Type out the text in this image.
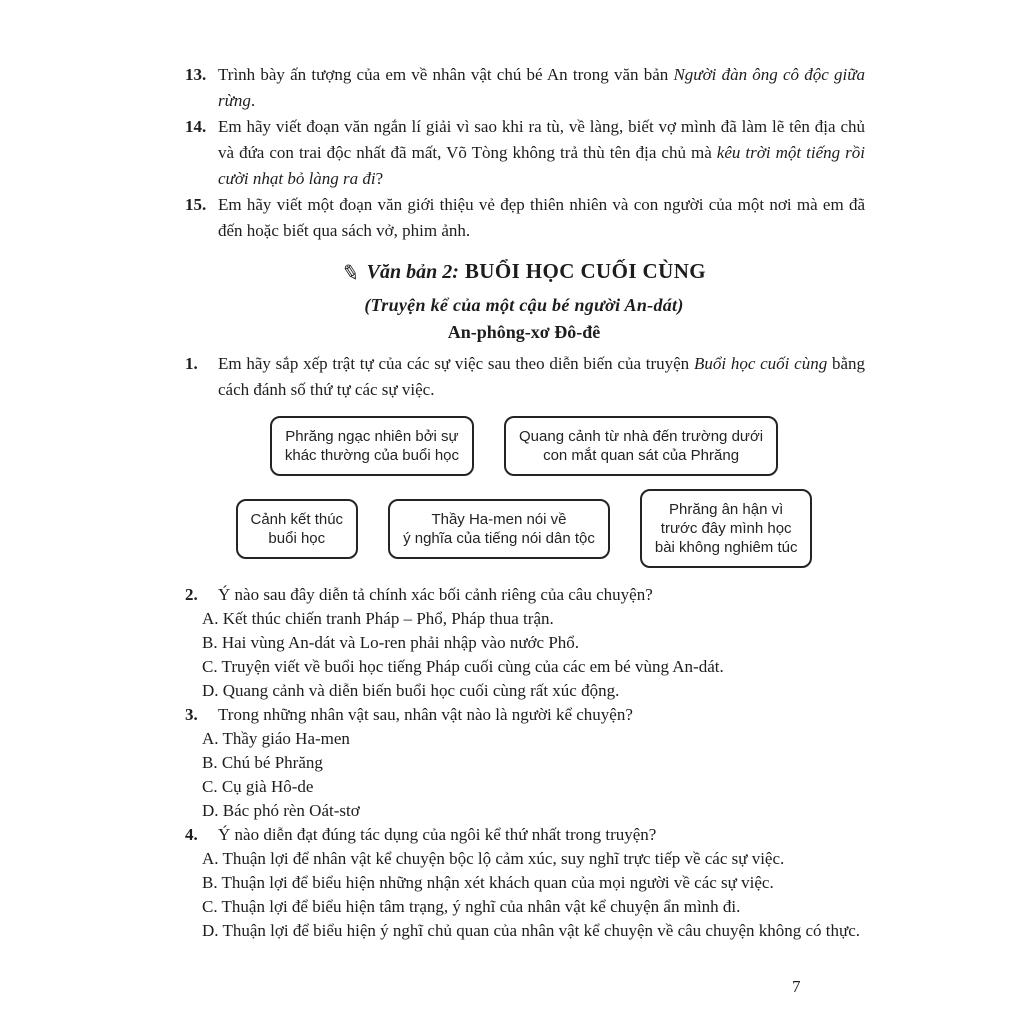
13. Trình bày ấn tượng của em về nhân vật chú bé An trong văn bản Người đàn ông cô độc giữa rừng.
14. Em hãy viết đoạn văn ngắn lí giải vì sao khi ra tù, về làng, biết vợ mình đã làm lẽ tên địa chủ và đứa con trai độc nhất đã mất, Võ Tòng không trả thù tên địa chủ mà kêu trời một tiếng rồi cười nhạt bỏ làng ra đi?
15. Em hãy viết một đoạn văn giới thiệu vẻ đẹp thiên nhiên và con người của một nơi mà em đã đến hoặc biết qua sách vở, phim ảnh.
✎ Văn bản 2: BUỔI HỌC CUỐI CÙNG
(Truyện kể của một cậu bé người An-dát)
An-phông-xơ Đô-đê
1. Em hãy sắp xếp trật tự của các sự việc sau theo diễn biến của truyện Buổi học cuối cùng bằng cách đánh số thứ tự các sự việc.
Phrăng ngạc nhiên bởi sự
khác thường của buổi học
Quang cảnh từ nhà đến trường dưới
con mắt quan sát của Phrăng
Cảnh kết thúc
buổi học
Thầy Ha-men nói về
ý nghĩa của tiếng nói dân tộc
Phrăng ân hận vì
trước đây mình học
bài không nghiêm túc
2. Ý nào sau đây diễn tả chính xác bối cảnh riêng của câu chuyện?
A. Kết thúc chiến tranh Pháp – Phổ, Pháp thua trận.
B. Hai vùng An-dát và Lo-ren phải nhập vào nước Phổ.
C. Truyện viết về buổi học tiếng Pháp cuối cùng của các em bé vùng An-dát.
D. Quang cảnh và diễn biến buổi học cuối cùng rất xúc động.
3. Trong những nhân vật sau, nhân vật nào là người kể chuyện?
A. Thầy giáo Ha-men
B. Chú bé Phrăng
C. Cụ già Hô-de
D. Bác phó rèn Oát-stơ
4. Ý nào diễn đạt đúng tác dụng của ngôi kể thứ nhất trong truyện?
A. Thuận lợi để nhân vật kể chuyện bộc lộ cảm xúc, suy nghĩ trực tiếp về các sự việc.
B. Thuận lợi để biểu hiện những nhận xét khách quan của mọi người về các sự việc.
C. Thuận lợi để biểu hiện tâm trạng, ý nghĩ của nhân vật kể chuyện ẩn mình đi.
D. Thuận lợi để biểu hiện ý nghĩ chủ quan của nhân vật kể chuyện về câu chuyện không có thực.
7
